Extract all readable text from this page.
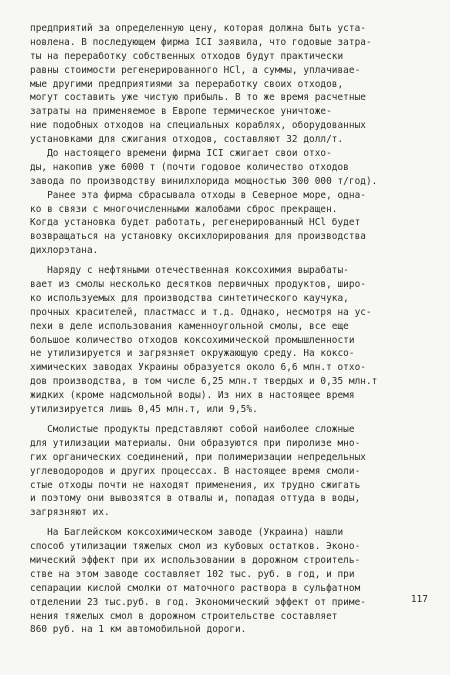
предприятий за определенную цену, которая должна быть уста-
новлена. В последующем фирма ICI заявила, что годовые затра-
ты на переработку собственных отходов будут практически
равны стоимости регенерированного HCl, а суммы, уплачивае-
мые другими предприятиями за переработку своих отходов,
могут составить уже чистую прибыль. В то же время расчетные
затраты на применяемое в Европе термическое уничтоже-
ние подобных отходов на специальных кораблях, оборудованных
установками для сжигания отходов, составляют 32 долл/т.
До настоящего времени фирма ICI сжигает свои отхо-
ды, накопив уже 6000 т (почти годовое количество отходов
завода по производству винилхлорида мощностью 300 000 т/год).
Ранее эта фирма сбрасывала отходы в Северное море, одна-
ко в связи с многочисленными жалобами сброс прекращен.
Когда установка будет работать, регенерированный HCl будет
возвращаться на установку оксихлорирования для производства
дихлорэтана.
Наряду с нефтяными отечественная коксохимия вырабаты-
вает из смолы несколько десятков первичных продуктов, широ-
ко используемых для производства синтетического каучука,
прочных красителей, пластмасс и т.д. Однако, несмотря на ус-
пехи в деле использования каменноугольной смолы, все еще
большое количество отходов коксохимической промышленности
не утилизируется и загрязняет окружающую среду. На коксо-
химических заводах Украины образуется около 6,6 млн.т отхо-
дов производства, в том числе 6,25 млн.т твердых и 0,35 млн.т
жидких (кроме надсмольной воды). Из них в настоящее время
утилизируется лишь 0,45 млн.т, или 9,5%.
Смолистые продукты представляют собой наиболее сложные
для утилизации материалы. Они образуются при пиролизе мно-
гих органических соединений, при полимеризации непредельных
углеводородов и других процессах. В настоящее время смоли-
стые отходы почти не находят применения, их трудно сжигать
и поэтому они вывозятся в отвалы и, попадая оттуда в воды,
загрязняют их.
На Баглейском коксохимическом заводе (Украина) нашли
способ утилизации тяжелых смол из кубовых остатков. Эконо-
мический эффект при их использовании в дорожном строитель-
стве на этом заводе составляет 102 тыс. руб. в год, и при
сепарации кислой смолки от маточного раствора в сульфатном
отделении 23 тыс.руб. в год. Экономический эффект от приме-
нения тяжелых смол в дорожном строительстве составляет
860 руб. на 1 км автомобильной дороги.
117
